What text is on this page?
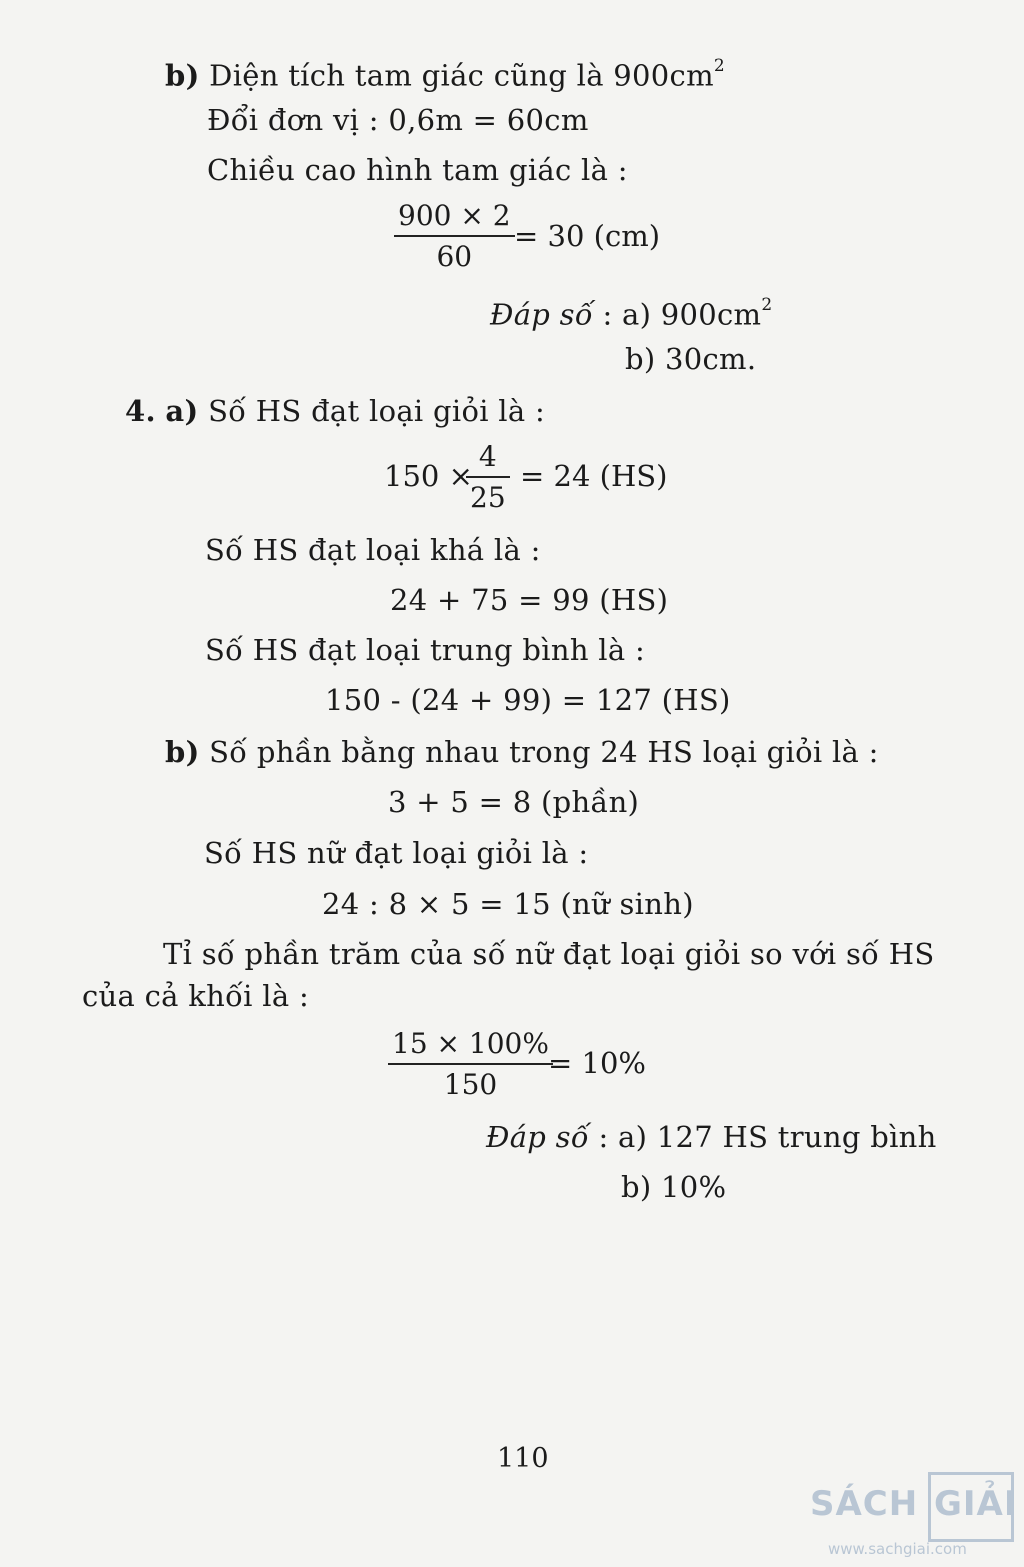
b) Diện tích tam giác cũng là $900cm^2$
Đổi đơn vị : 0,6m = 60cm
Chiều cao hình tam giác là :
900 × 2
60
= 30 (cm)
Đáp số : a) $900cm^2$
b) 30cm.
4. a) Số HS đạt loại giỏi là :
150 ×
4
25
= 24 (HS)
Số HS đạt loại khá là :
24 + 75 = 99 (HS)
Số HS đạt loại trung bình là :
150 - (24 + 99) = 127 (HS)
b) Số phần bằng nhau trong 24 HS loại giỏi là :
3 + 5 = 8 (phần)
Số HS nữ đạt loại giỏi là :
24 : 8 × 5 = 15 (nữ sinh)
Tỉ số phần trăm của số nữ đạt loại giỏi so với số HS
của cả khối là :
15 × 100%
150
= 10%
Đáp số : a) 127 HS trung bình
b) 10%
110
SÁCH GIẢI
www.sachgiai.com
